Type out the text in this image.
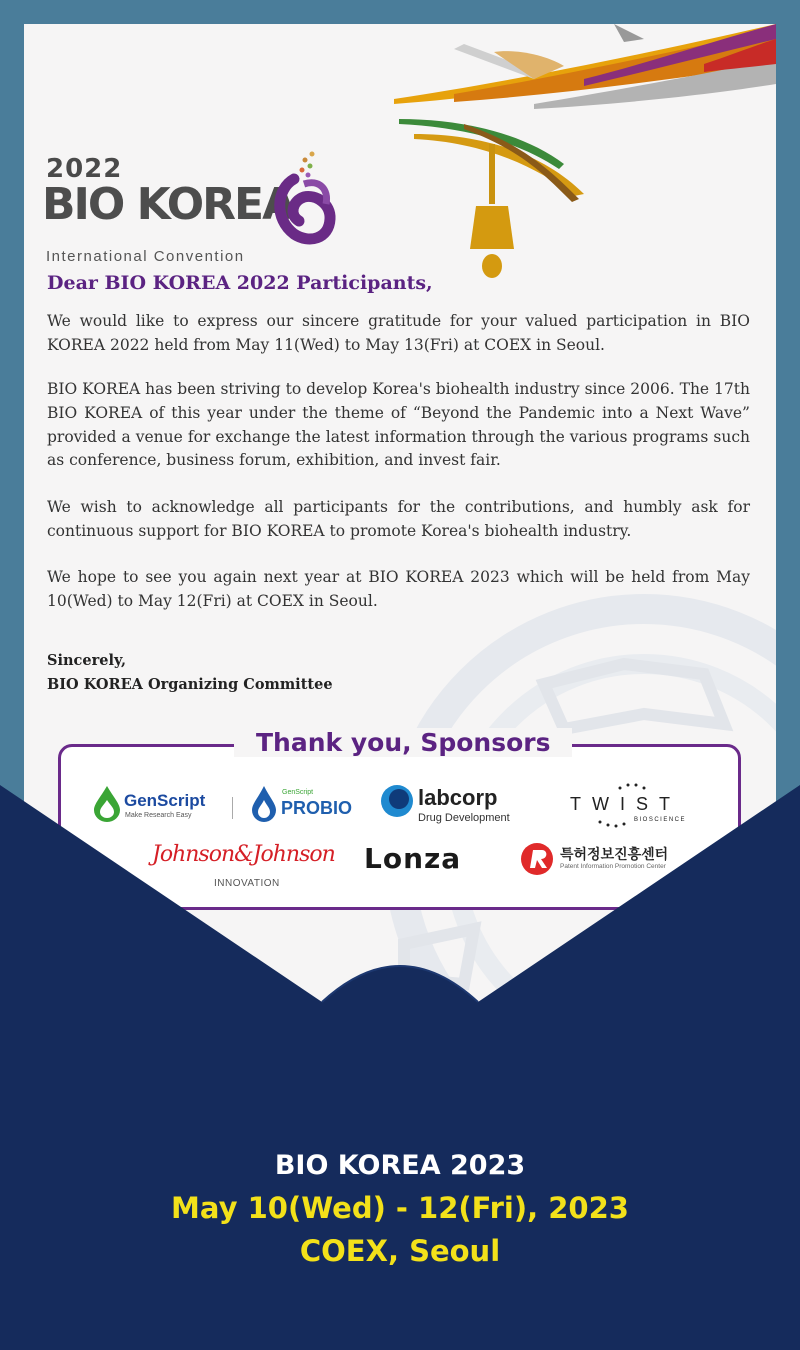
2022
BIO KOREA
International Convention
Dear BIO KOREA 2022 Participants,

We would like to express our sincere gratitude for your valued participation in BIO KOREA 2022 held from May 11(Wed) to May 13(Fri) at COEX in Seoul.

BIO KOREA has been striving to develop Korea's biohealth industry since 2006. The 17th BIO KOREA of this year under the theme of “Beyond the Pandemic into a Next Wave” provided a venue for exchange the latest information through the various programs such as conference, business forum, exhibition, and invest fair.

We wish to acknowledge all participants for the contributions, and humbly ask for continuous support for BIO KOREA to promote Korea's biohealth industry.

We hope to see you again next year at BIO KOREA 2023 which will be held from May 10(Wed) to May 12(Fri) at COEX in Seoul.

Sincerely,
BIO KOREA Organizing Committee
Thank you, Sponsors
GenScript
Make Research Easy
GenScript
PROBIO	labcorp
Drug Development
TWIST
BIOSCIENCE
Johnson&Johnson
INNOVATION
Lonza	특허정보진흥센터
Patent Information Promotion Center
BIO KOREA 2023
May 10(Wed) - 12(Fri), 2023
COEX, Seoul
